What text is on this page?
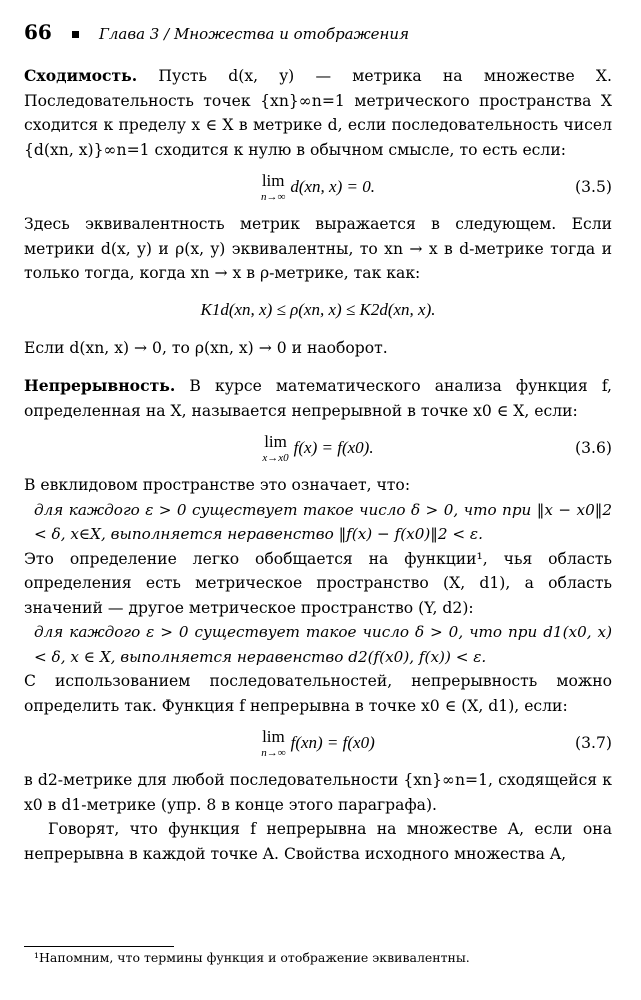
66	Глава 3 / Множества и отображения

Сходимость. Пусть d(x, y) — метрика на множестве X. Последовательность точек {xn}∞n=1 метрического пространства X сходится к пределу x ∈ X в метрике d, если последовательность чисел {d(xn, x)}∞n=1 сходится к нулю в обычном смысле, то есть если:

lim
n→∞
d(xn, x) = 0.	(3.5)

Здесь эквивалентность метрик выражается в следующем. Если метрики d(x, y) и ρ(x, y) эквивалентны, то xn → x в d-метрике тогда и только тогда, когда xn → x в ρ-метрике, так как:

K1d(xn, x) ≤ ρ(xn, x) ≤ K2d(xn, x).

Если d(xn, x) → 0, то ρ(xn, x) → 0 и наоборот.

Непрерывность. В курсе математического анализа функция f, определенная на X, называется непрерывной в точке x0 ∈ X, если:

lim
x→x0
f(x) = f(x0).	(3.6)

В евклидовом пространстве это означает, что:

для каждого ε > 0 существует такое число δ > 0, что при ‖x − x0‖2 < δ, x∈X, выполняется неравенство ‖f(x) − f(x0)‖2 < ε.

Это определение легко обобщается на функции¹, чья область определения есть метрическое пространство (X, d1), а область значений — другое метрическое пространство (Y, d2):

для каждого ε > 0 существует такое число δ > 0, что при d1(x0, x) < δ, x ∈ X, выполняется неравенство d2(f(x0), f(x)) < ε.

С использованием последовательностей, непрерывность можно определить так. Функция f непрерывна в точке x0 ∈ (X, d1), если:

lim
n→∞
f(xn) = f(x0)	(3.7)

в d2-метрике для любой последовательности {xn}∞n=1, сходящейся к x0 в d1-метрике (упр. 8 в конце этого параграфа).

Говорят, что функция f непрерывна на множестве A, если она непрерывна в каждой точке A. Свойства исходного множества A,

¹Напомним, что термины функция и отображение эквивалентны.
